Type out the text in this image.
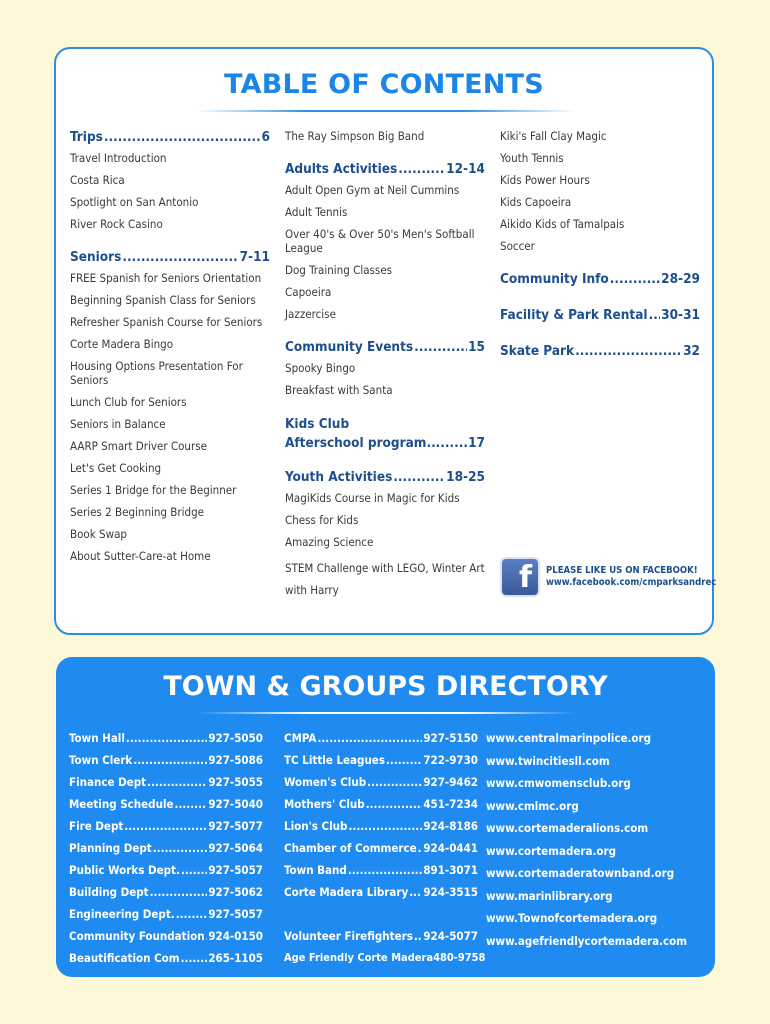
TABLE OF CONTENTS
Trips .....	6
Travel Introduction
Costa Rica
Spotlight on San Antonio
River Rock Casino
Seniors .....	7-11
FREE Spanish for Seniors Orientation
Beginning Spanish Class for Seniors
Refresher Spanish Course for Seniors
Corte Madera Bingo
Housing Options Presentation For Seniors
Lunch Club for Seniors
Seniors in Balance
AARP Smart Driver Course
Let's Get Cooking
Series 1 Bridge for the Beginner
Series 2 Beginning Bridge
Book Swap
About Sutter-Care-at Home
The Ray Simpson Big Band
Adults Activities .....	12-14
Adult Open Gym at Neil Cummins
Adult Tennis
Over 40's & Over 50's Men's Softball League
Dog Training Classes
Capoeira
Jazzercise
Community Events .....	15
Spooky Bingo
Breakfast with Santa
Kids Club
Afterschool program .....	17
Youth Activities .....	18-25
MagiKids Course in Magic for Kids
Chess for Kids
Amazing Science
STEM Challenge with LEGO, Winter Art with Harry
Kiki's Fall Clay Magic
Youth Tennis
Kids Power Hours
Kids Capoeira
Aikido Kids of Tamalpais
Soccer
Community Info .....	28-29
Facility & Park Rental ..... 30-31
Skate Park .....	32
f	PLEASE LIKE US ON FACEBOOK!
www.facebook.com/cmparksandrec
TOWN & GROUPS DIRECTORY
Town Hall .....	927-5050
Town Clerk .....	927-5086
Finance Dept .....	927-5055
Meeting Schedule .....	927-5040
Fire Dept .....	927-5077
Planning Dept .....	927-5064
Public Works Dept. ..... 927-5057
Building Dept .....	927-5062
Engineering Dept. .....	927-5057
Community Foundation ..... 924-0150
Beautification Com ..... 265-1105
CMPA .....	927-5150
TC Little Leagues .....	722-9730
Women's Club .....	927-9462
Mothers' Club .....	451-7234
Lion's Club .....	924-8186
Chamber of Commerce ..... 924-0441
Town Band .....	891-3071
Corte Madera Library ..... 924-3515
Volunteer Firefighters ..... 924-5077
Age Friendly Corte Madera 480-9758
www.centralmarinpolice.org
www.twincitiesll.com
www.cmwomensclub.org
www.cmlmc.org
www.cortemaderalions.com
www.cortemadera.org
www.cortemaderatownband.org
www.marinlibrary.org
www.Townofcortemadera.org
www.agefriendlycortemadera.com
